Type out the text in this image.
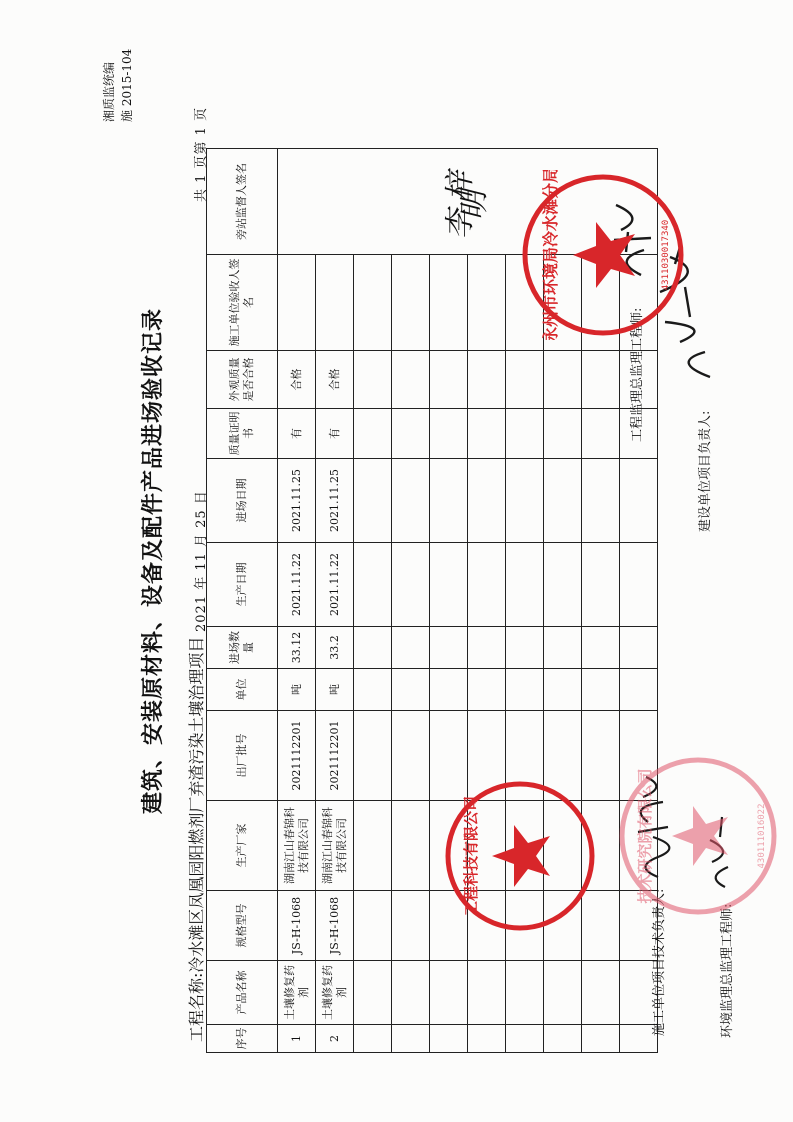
湘质监统编 施 2015-104
建筑、安装原材料、设备及配件产品进场验收记录
工程名称:冷水滩区凤凰园阳燃剂厂弃渣污染土壤治理项目
2021 年 11 月 25 日
共 1 页第 1 页
序号	产品名称	规格型号	生产厂家	出厂批号	单位	进场数量	生产日期	进场日期	质量证明书	外观质量是否合格	施工单位验收人签名	旁站监督人签名
1	土壤修复药剂	JS-H-1068	湖南江山春锦科技有限公司	2021112201	吨	33.12	2021.11.22	2021.11.25	有	合格		李梓明

2	土壤修复药剂	JS-H-1068	湖南江山春锦科技有限公司	2021112201	吨	33.2	2021.11.22	2021.11.25	有	合格		

施工单位项目技术负责人:
工程监理总监理工程师:
环境监理总监理工程师:
建设单位项目负责人:
永州市环境局冷水滩分局	4311030017340
工程科技有限公司	技术研究院有限公司	430111016022
